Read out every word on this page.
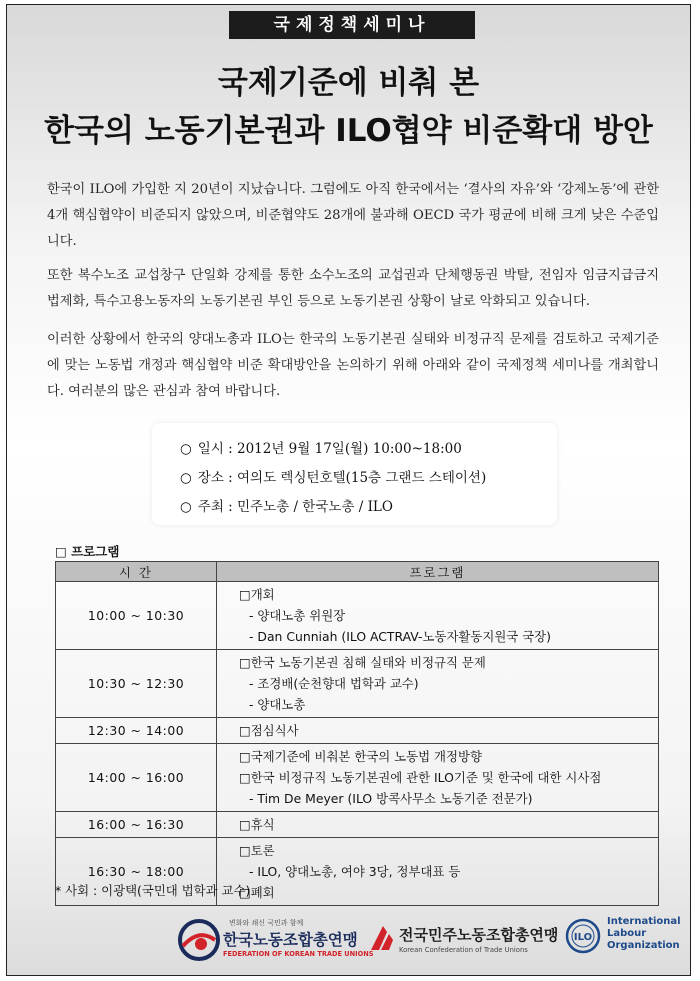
국제정책세미나
국제기준에 비춰 본
한국의 노동기본권과 ILO협약 비준확대 방안
한국이 ILO에 가입한 지 20년이 지났습니다. 그럼에도 아직 한국에서는 ‘결사의 자유’와 ‘강제노동’에 관한 4개 핵심협약이 비준되지 않았으며, 비준협약도 28개에 불과해 OECD 국가 평균에 비해 크게 낮은 수준입니다.
또한 복수노조 교섭창구 단일화 강제를 통한 소수노조의 교섭권과 단체행동권 박탈, 전임자 임금지급금지 법제화, 특수고용노동자의 노동기본권 부인 등으로 노동기본권 상황이 날로 악화되고 있습니다.
이러한 상황에서 한국의 양대노총과 ILO는 한국의 노동기본권 실태와 비정규직 문제를 검토하고 국제기준에 맞는 노동법 개정과 핵심협약 비준 확대방안을 논의하기 위해 아래와 같이 국제정책 세미나를 개최합니다. 여러분의 많은 관심과 참여 바랍니다.
○ 일시 : 2012년 9월 17일(월) 10:00~18:00
○ 장소 : 여의도 렉싱턴호텔(15층 그랜드 스테이션)
○ 주최 : 민주노총 / 한국노총 / ILO
□ 프로그램
시 간	프로그램
10:00 ~ 10:30	□개회
- 양대노총 위원장
- Dan Cunniah (ILO ACTRAV-노동자활동지원국 국장)

10:30 ~ 12:30	□한국 노동기본권 침해 실태와 비정규직 문제
- 조경배(순천향대 법학과 교수)
- 양대노총

12:30 ~ 14:00	□점심식사

14:00 ~ 16:00	□국제기준에 비춰본 한국의 노동법 개정방향
□한국 비정규직 노동기본권에 관한 ILO기준 및 한국에 대한 시사점
- Tim De Meyer (ILO 방콕사무소 노동기준 전문가)

16:00 ~ 16:30	□휴식

16:30 ~ 18:00	□토론
- ILO, 양대노총, 여야 3당, 정부대표 등
□폐회
* 사회 : 이광택(국민대 법학과 교수)
변화와 쇄신 국민과 함께
한국노동조합총연맹
FEDERATION OF KOREAN TRADE UNIONS
전국민주노동조합총연맹
Korean Confederation of Trade Unions
ILO
International
Labour
Organization
